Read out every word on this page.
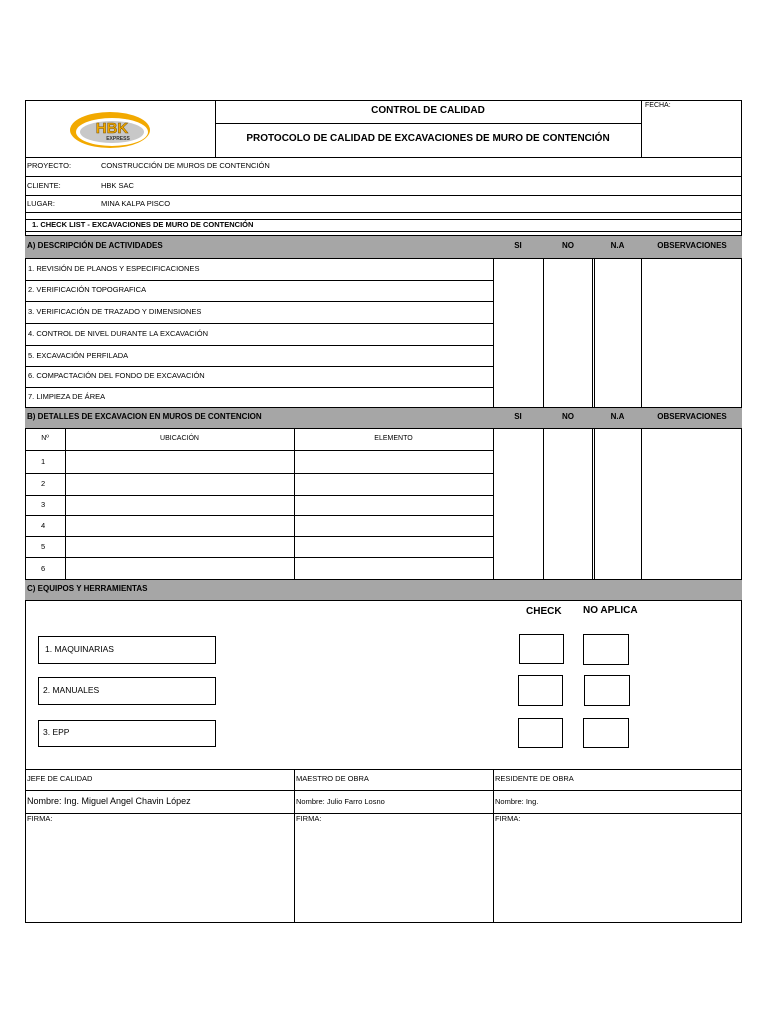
HBK
EXPRESS
CONTROL DE CALIDAD
PROTOCOLO DE CALIDAD DE EXCAVACIONES DE MURO DE CONTENCIÓN
FECHA:
PROYECTO:	CONSTRUCCIÓN DE MUROS DE CONTENCIÓN
CLIENTE:	HBK SAC
LUGAR:	MINA KALPA PISCO
1. CHECK LIST - EXCAVACIONES DE MURO DE CONTENCIÓN
A) DESCRIPCIÓN DE ACTIVIDADES	SI	NO	N.A	OBSERVACIONES
1. REVISIÓN DE PLANOS Y ESPECIFICACIONES
2. VERIFICACIÓN TOPOGRAFICA
3. VERIFICACIÓN DE TRAZADO Y DIMENSIONES
4. CONTROL DE NIVEL DURANTE LA EXCAVACIÓN
5. EXCAVACIÓN PERFILADA
6. COMPACTACIÓN DEL FONDO DE EXCAVACIÓN
7. LIMPIEZA DE ÁREA
B) DETALLES DE EXCAVACION EN MUROS DE CONTENCION	SI	NO	N.A	OBSERVACIONES
Nº	UBICACIÓN	ELEMENTO
1
2
3
4
5
6
C) EQUIPOS Y HERRAMIENTAS
CHECK NO APLICA
1. MAQUINARIAS
2. MANUALES
3. EPP
JEFE DE CALIDAD	MAESTRO DE OBRA	RESIDENTE DE OBRA
Nombre: Ing. Miguel Angel Chavin López	Nombre: Julio Farro Losno	Nombre: Ing.
FIRMA:	FIRMA:	FIRMA:
